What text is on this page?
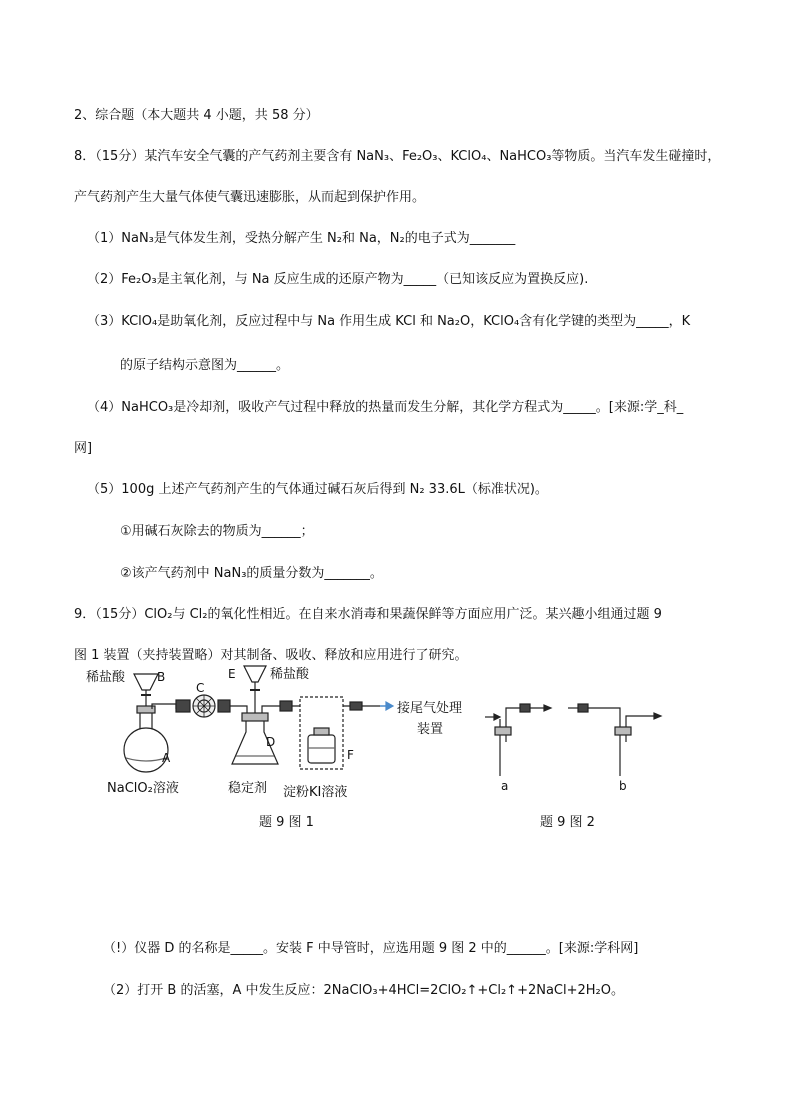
2、综合题（本大题共 4 小题，共 58 分）
8．（15分）某汽车安全气囊的产气药剂主要含有 NaN₃、Fe₂O₃、KClO₄、NaHCO₃等物质。当汽车发生碰撞时，
产气药剂产生大量气体使气囊迅速膨胀，从而起到保护作用。
（1）NaN₃是气体发生剂，受热分解产生 N₂和 Na，N₂的电子式为_______
（2）Fe₂O₃是主氧化剂，与 Na 反应生成的还原产物为_____（已知该反应为置换反应).
（3）KClO₄是助氧化剂，反应过程中与 Na 作用生成 KCl 和 Na₂O，KClO₄含有化学键的类型为_____，K
的原子结构示意图为______。
（4）NaHCO₃是冷却剂，吸收产气过程中释放的热量而发生分解，其化学方程式为_____。[来源:学_科_
网]
（5）100g 上述产气药剂产生的气体通过碱石灰后得到 N₂ 33.6L（标准状况)。
①用碱石灰除去的物质为______；
②该产气药剂中 NaN₃的质量分数为_______。
9．（15分）ClO₂与 Cl₂的氧化性相近。在自来水消毒和果蔬保鲜等方面应用广泛。某兴趣小组通过题 9
图 1 装置（夹持装置略）对其制备、吸收、释放和应用进行了研究。
稀盐酸	B
C
E	稀盐酸
A
D
F
接尾气处理
装置
NaClO₂溶液	稳定剂 淀粉KI溶液	a	b
题 9 图 1	题 9 图 2
（!）仪器 D 的名称是_____。安装 F 中导管时，应选用题 9 图 2 中的______。[来源:学科网]
（2）打开 B 的活塞，A 中发生反应：2NaClO₃+4HCl=2ClO₂↑+Cl₂↑+2NaCl+2H₂O。
